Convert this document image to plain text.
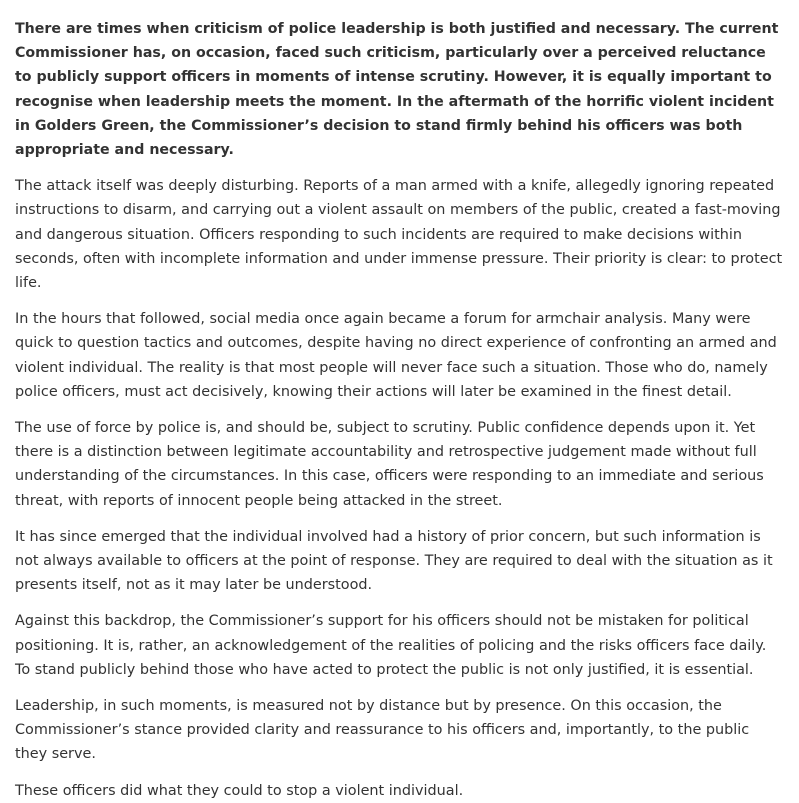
There are times when criticism of police leadership is both justified and necessary. The current Commissioner has, on occasion, faced such criticism, particularly over a perceived reluctance to publicly support officers in moments of intense scrutiny. However, it is equally important to recognise when leadership meets the moment. In the aftermath of the horrific violent incident in Golders Green, the Commissioner’s decision to stand firmly behind his officers was both appropriate and necessary.

The attack itself was deeply disturbing. Reports of a man armed with a knife, allegedly ignoring repeated instructions to disarm, and carrying out a violent assault on members of the public, created a fast-moving and dangerous situation. Officers responding to such incidents are required to make decisions within seconds, often with incomplete information and under immense pressure. Their priority is clear: to protect life.

In the hours that followed, social media once again became a forum for armchair analysis. Many were quick to question tactics and outcomes, despite having no direct experience of confronting an armed and violent individual. The reality is that most people will never face such a situation. Those who do, namely police officers, must act decisively, knowing their actions will later be examined in the finest detail.

The use of force by police is, and should be, subject to scrutiny. Public confidence depends upon it. Yet there is a distinction between legitimate accountability and retrospective judgement made without full understanding of the circumstances. In this case, officers were responding to an immediate and serious threat, with reports of innocent people being attacked in the street.

It has since emerged that the individual involved had a history of prior concern, but such information is not always available to officers at the point of response. They are required to deal with the situation as it presents itself, not as it may later be understood.

Against this backdrop, the Commissioner’s support for his officers should not be mistaken for political positioning. It is, rather, an acknowledgement of the realities of policing and the risks officers face daily. To stand publicly behind those who have acted to protect the public is not only justified, it is essential.

Leadership, in such moments, is measured not by distance but by presence. On this occasion, the Commissioner’s stance provided clarity and reassurance to his officers and, importantly, to the public they serve.

These officers did what they could to stop a violent individual.
